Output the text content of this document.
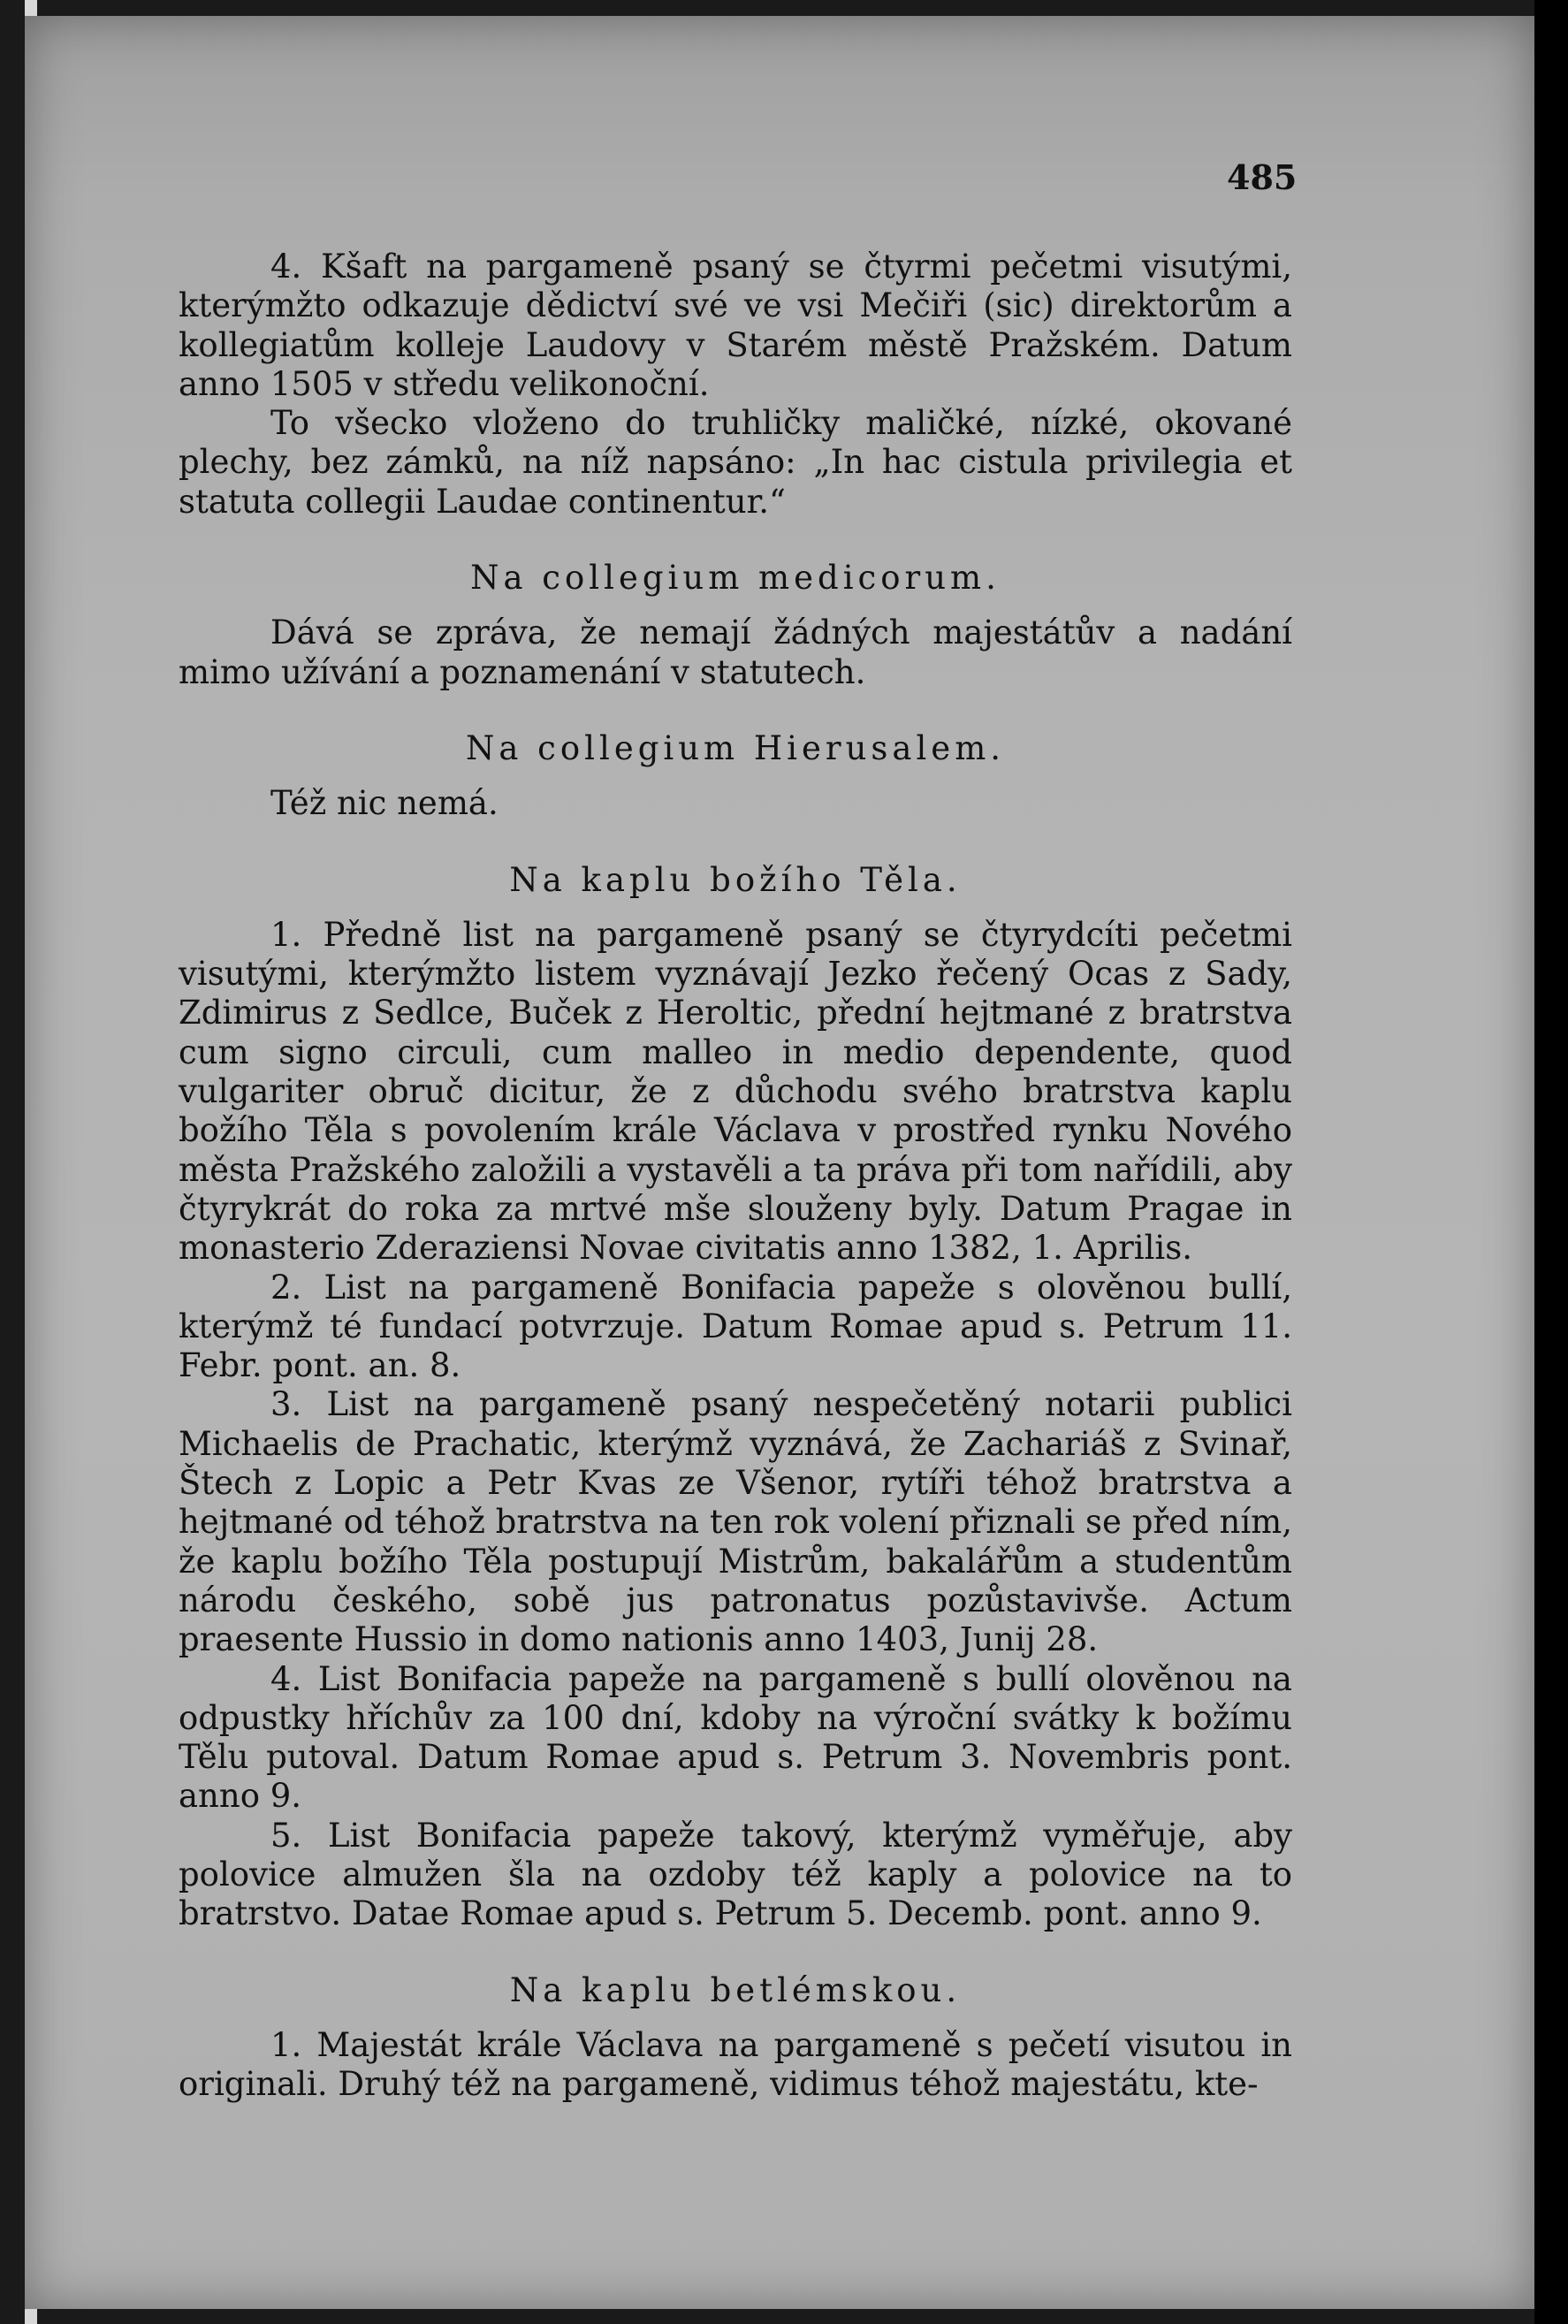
485

4. Kšaft na pargameně psaný se čtyrmi pečetmi visutými, kterýmžto odkazuje dědictví své ve vsi Mečiři (sic) direktorům a kollegiatům kolleje Laudovy v Starém městě Pražském. Datum anno 1505 v středu velikonoční.

To všecko vloženo do truhličky maličké, nízké, okované plechy, bez zámků, na níž napsáno: „In hac cistula privilegia et statuta collegii Laudae continentur.“

Na collegium medicorum.

Dává se zpráva, že nemají žádných majestátův a nadání mimo užívání a poznamenání v statutech.

Na collegium Hierusalem.

Též nic nemá.

Na kaplu božího Těla.

1. Předně list na pargameně psaný se čtyrydcíti pečetmi visutými, kterýmžto listem vyznávají Jezko řečený Ocas z Sady, Zdimirus z Sedlce, Buček z Heroltic, přední hejtmané z bratrstva cum signo circuli, cum malleo in medio dependente, quod vulgariter obruč dicitur, že z důchodu svého bratrstva kaplu božího Těla s povolením krále Václava v prostřed rynku Nového města Pražského založili a vystavěli a ta práva při tom nařídili, aby čtyrykrát do roka za mrtvé mše slouženy byly. Datum Pragae in monasterio Zderaziensi Novae civitatis anno 1382, 1. Aprilis.

2. List na pargameně Bonifacia papeže s olověnou bullí, kterýmž té fundací potvrzuje. Datum Romae apud s. Petrum 11. Febr. pont. an. 8.

3. List na pargameně psaný nespečetěný notarii publici Michaelis de Prachatic, kterýmž vyznává, že Zachariáš z Svinař, Štech z Lopic a Petr Kvas ze Všenor, rytíři téhož bratrstva a hejtmané od téhož bratrstva na ten rok volení přiznali se před ním, že kaplu božího Těla postupují Mistrům, bakalářům a studentům národu českého, sobě jus patronatus pozůstavivše. Actum praesente Hussio in domo nationis anno 1403, Junij 28.

4. List Bonifacia papeže na pargameně s bullí olověnou na odpustky hříchův za 100 dní, kdoby na výroční svátky k božímu Tělu putoval. Datum Romae apud s. Petrum 3. Novembris pont. anno 9.

5. List Bonifacia papeže takový, kterýmž vyměřuje, aby polovice almužen šla na ozdoby též kaply a polovice na to bratrstvo. Datae Romae apud s. Petrum 5. Decemb. pont. anno 9.

Na kaplu betlémskou.

1. Majestát krále Václava na pargameně s pečetí visutou in originali. Druhý též na pargameně, vidimus téhož majestátu, kte-
